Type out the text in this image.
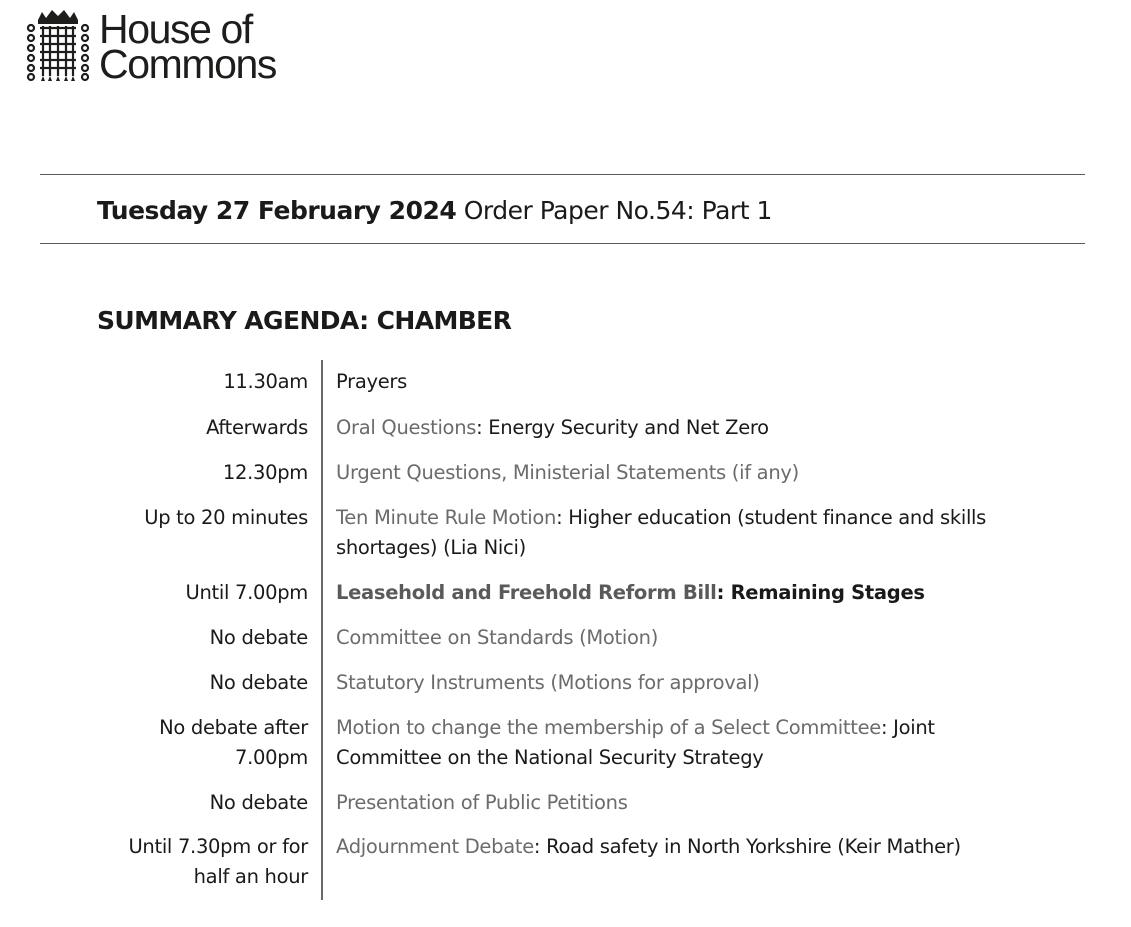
House of
Commons
Tuesday 27 February 2024 Order Paper No.54: Part 1
SUMMARY AGENDA: CHAMBER
11.30am Prayers
Afterwards Oral Questions: Energy Security and Net Zero
12.30pm Urgent Questions, Ministerial Statements (if any)
Up to 20 minutes Ten Minute Rule Motion: Higher education (student finance and skills shortages) (Lia Nici)
Until 7.00pm Leasehold and Freehold Reform Bill: Remaining Stages
No debate Committee on Standards (Motion)
No debate Statutory Instruments (Motions for approval)
No debate after 7.00pm
Motion to change the membership of a Select Committee: Joint Committee on the National Security Strategy
No debate Presentation of Public Petitions
Until 7.30pm or for half an hour
Adjournment Debate: Road safety in North Yorkshire (Keir Mather)
